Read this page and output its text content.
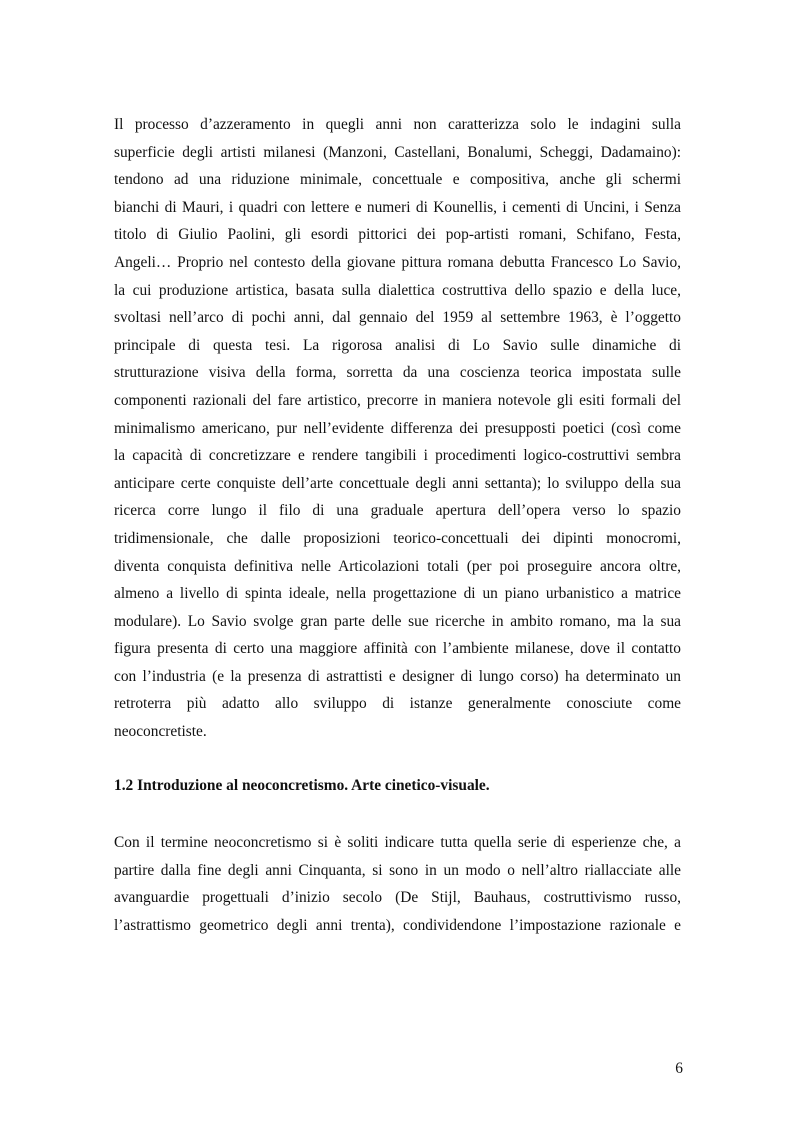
Il processo d’azzeramento in quegli anni non caratterizza solo le indagini sulla
superficie degli artisti milanesi (Manzoni, Castellani, Bonalumi, Scheggi, Dadamaino):
tendono ad una riduzione minimale, concettuale e compositiva, anche gli schermi
bianchi di Mauri, i quadri con lettere e numeri di Kounellis, i cementi di Uncini, i Senza
titolo di Giulio Paolini, gli esordi pittorici dei pop-artisti romani, Schifano, Festa,
Angeli… Proprio nel contesto della giovane pittura romana debutta Francesco Lo Savio,
la cui produzione artistica, basata sulla dialettica costruttiva dello spazio e della luce,
svoltasi nell’arco di pochi anni, dal gennaio del 1959 al settembre 1963, è l’oggetto
principale di questa tesi. La rigorosa analisi di Lo Savio sulle dinamiche di
strutturazione visiva della forma, sorretta da una coscienza teorica impostata sulle
componenti razionali del fare artistico, precorre in maniera notevole gli esiti formali del
minimalismo americano, pur nell’evidente differenza dei presupposti poetici (così come
la capacità di concretizzare e rendere tangibili i procedimenti logico-costruttivi sembra
anticipare certe conquiste dell’arte concettuale degli anni settanta); lo sviluppo della sua
ricerca corre lungo il filo di una graduale apertura dell’opera verso lo spazio
tridimensionale, che dalle proposizioni teorico-concettuali dei dipinti monocromi,
diventa conquista definitiva nelle Articolazioni totali (per poi proseguire ancora oltre,
almeno a livello di spinta ideale, nella progettazione di un piano urbanistico a matrice
modulare). Lo Savio svolge gran parte delle sue ricerche in ambito romano, ma la sua
figura presenta di certo una maggiore affinità con l’ambiente milanese, dove il contatto
con l’industria (e la presenza di astrattisti e designer di lungo corso) ha determinato un
retroterra più adatto allo sviluppo di istanze generalmente conosciute come
neoconcretiste.
1.2 Introduzione al neoconcretismo. Arte cinetico-visuale.
Con il termine neoconcretismo si è soliti indicare tutta quella serie di esperienze che, a
partire dalla fine degli anni Cinquanta, si sono in un modo o nell’altro riallacciate alle
avanguardie progettuali d’inizio secolo (De Stijl, Bauhaus, costruttivismo russo,
l’astrattismo geometrico degli anni trenta), condividendone l’impostazione razionale e
6
